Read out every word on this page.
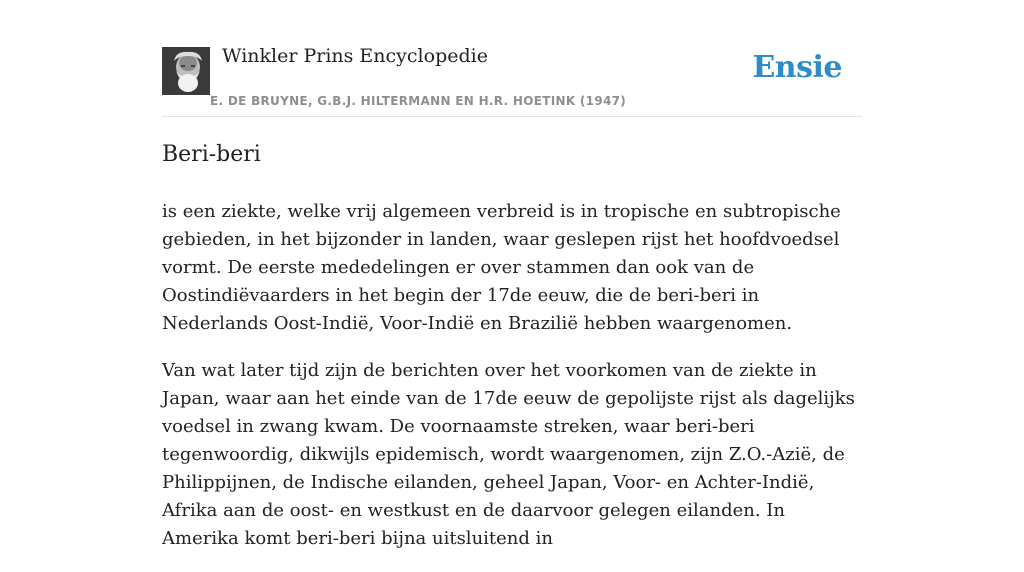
Winkler Prins Encyclopedie
E. DE BRUYNE, G.B.J. HILTERMANN EN H.R. HOETINK (1947)
Ensie
Beri-beri

is een ziekte, welke vrij algemeen verbreid is in tropische en subtropische gebieden, in het bijzonder in landen, waar geslepen rijst het hoofdvoedsel vormt. De eerste mededelingen er over stammen dan ook van de Oostindiëvaarders in het begin der 17de eeuw, die de beri-beri in Nederlands Oost-Indië, Voor-Indië en Brazilië hebben waargenomen.

Van wat later tijd zijn de berichten over het voorkomen van de ziekte in Japan, waar aan het einde van de 17de eeuw de gepolijste rijst als dagelijks voedsel in zwang kwam. De voornaamste streken, waar beri-beri tegenwoordig, dikwijls epidemisch, wordt waargenomen, zijn Z.O.-Azië, de Philippijnen, de Indische eilanden, geheel Japan, Voor- en Achter-Indië, Afrika aan de oost- en westkust en de daarvoor gelegen eilanden. In Amerika komt beri-beri bijna uitsluitend in
